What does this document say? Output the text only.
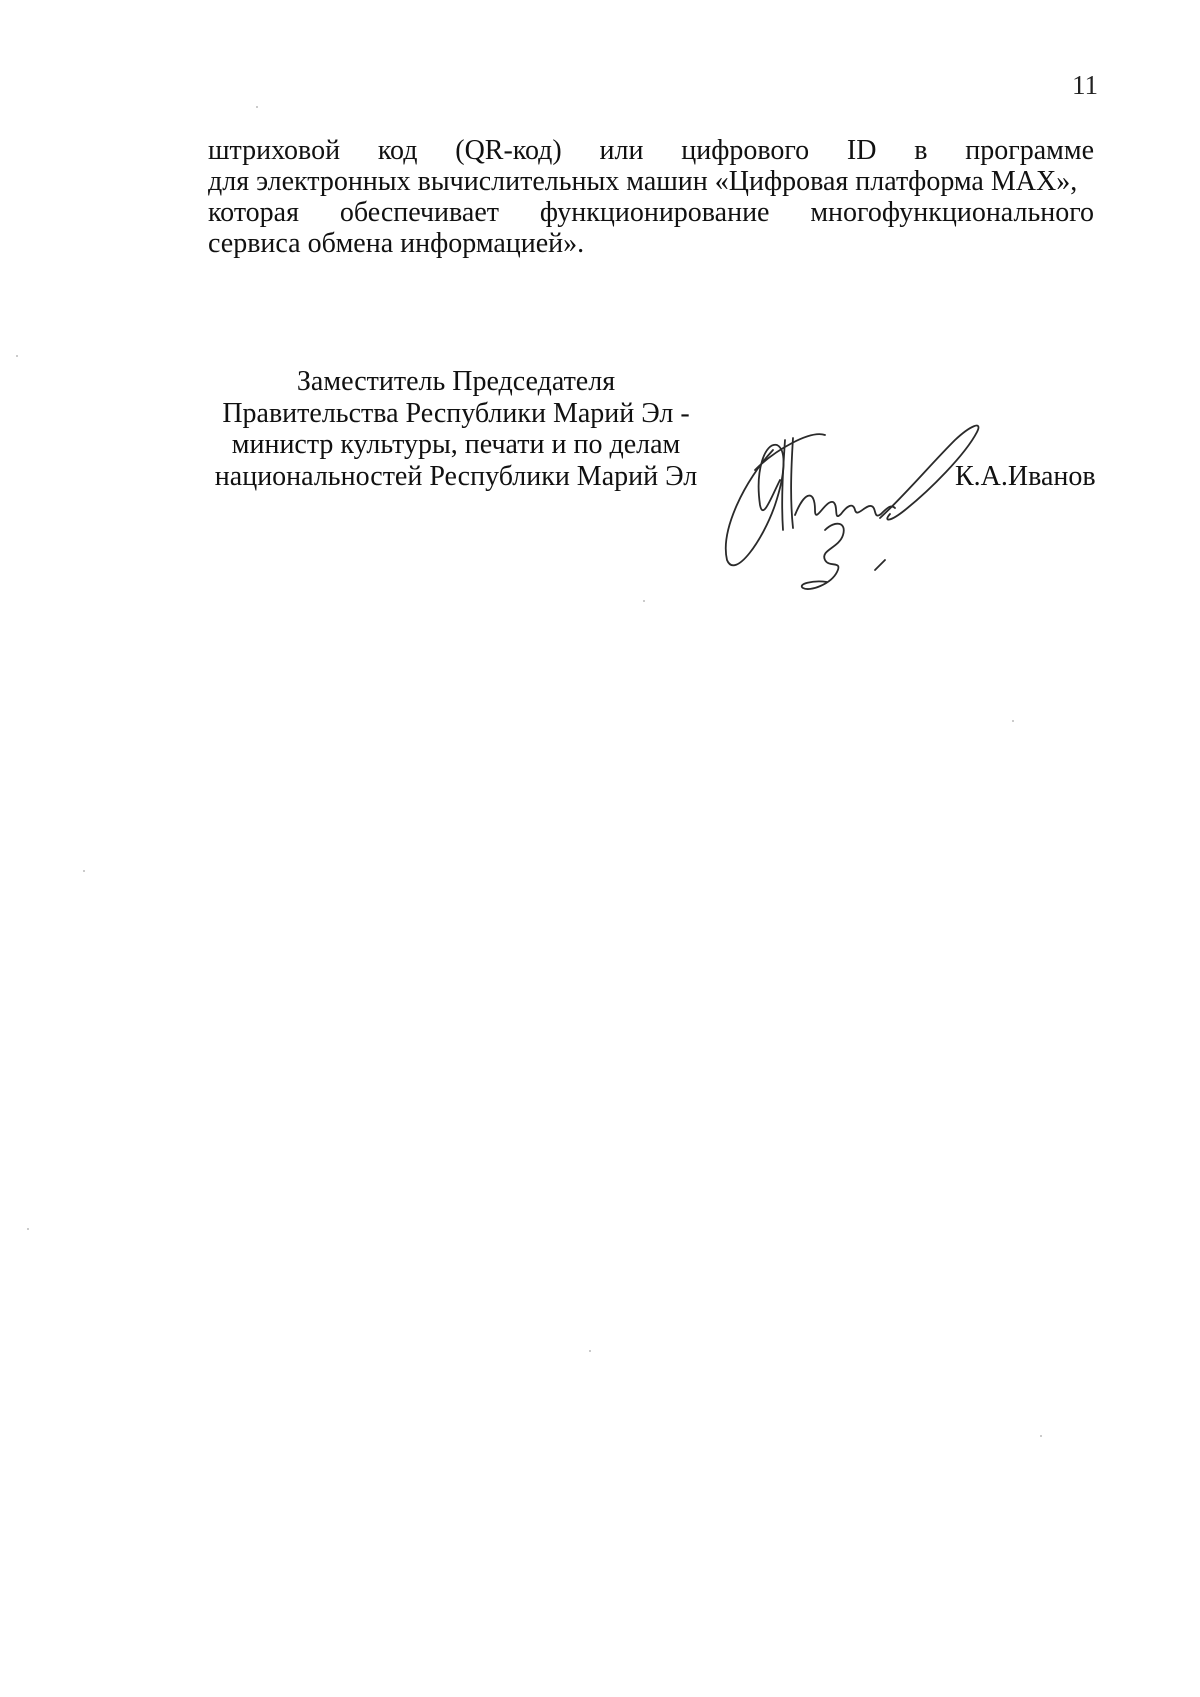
11
штриховой код (QR-код) или цифрового ID в программе
для электронных вычислительных машин «Цифровая платформа MAX»,
которая обеспечивает функционирование многофункционального
сервиса обмена информацией».
Заместитель Председателя
Правительства Республики Марий Эл -
министр культуры, печати и по делам
национальностей Республики Марий Эл	К.А.Иванов
